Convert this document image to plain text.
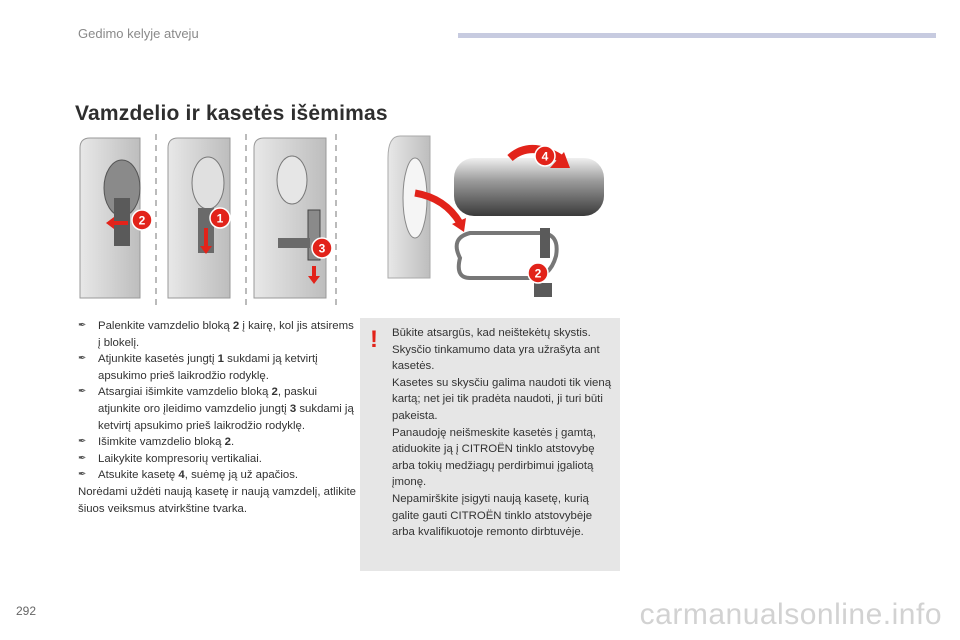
Gedimo kelyje atveju
Vamzdelio ir kasetės išėmimas
2	1
3
4
2
✒ Palenkite vamzdelio bloką 2 į kairę, kol jis atsirems į blokelį.
✒ Atjunkite kasetės jungtį 1 sukdami ją ketvirtį apsukimo prieš laikrodžio rodyklę.
✒ Atsargiai išimkite vamzdelio bloką 2, paskui atjunkite oro įleidimo vamzdelio jungtį 3 sukdami ją ketvirtį apsukimo prieš laikrodžio rodyklę.
✒ Išimkite vamzdelio bloką 2.
✒ Laikykite kompresorių vertikaliai.
✒ Atsukite kasetę 4, suėmę ją už apačios.
Norėdami uždėti naują kasetę ir naują vamzdelį, atlikite šiuos veiksmus atvirkštine tvarka.
! Būkite atsargūs, kad neištekėtų skystis. Skysčio tinkamumo data yra užrašyta ant kasetės.

Kasetes su skysčiu galima naudoti tik vieną kartą; net jei tik pradėta naudoti, ji turi būti pakeista.

Panaudoję neišmeskite kasetės į gamtą, atiduokite ją į CITROËN tinklo atstovybę arba tokių medžiagų perdirbimui įgaliotą įmonę.

Nepamirškite įsigyti naują kasetę, kurią galite gauti CITROËN tinklo atstovybėje arba kvalifikuotoje remonto dirbtuvėje.

292	carmanualsonline.info
